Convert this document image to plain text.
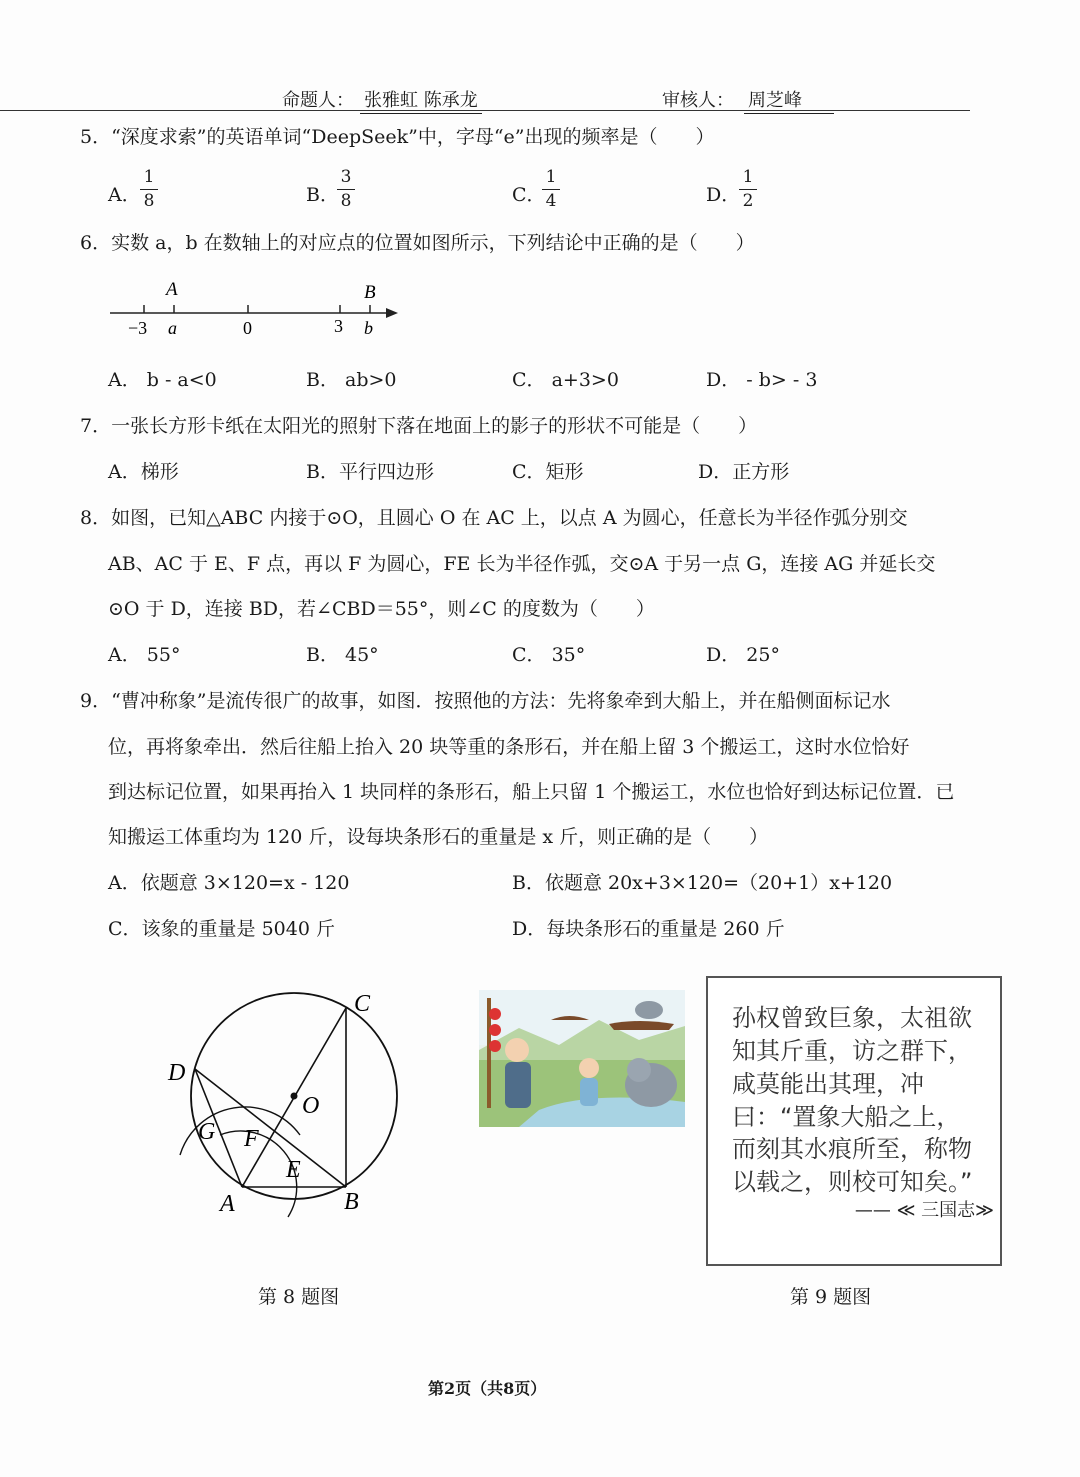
命题人： 张雅虹 陈承龙	审核人： 周芝峰
5．“深度求索”的英语单词“DeepSeek”中，字母“e”出现的频率是（　　）
A．
1
8	B．
3
8	C．
1
4	D．
1
2
6．实数 a，b 在数轴上的对应点的位置如图所示，下列结论中正确的是（　　）
A	B
−3 a	0	3 b
A． b - a<0	B． ab>0	C． a+3>0	D． - b> - 3
7．一张长方形卡纸在太阳光的照射下落在地面上的影子的形状不可能是（　　）
A．梯形	B．平行四边形	C．矩形	D．正方形
8．如图，已知△ABC 内接于⊙O，且圆心 O 在 AC 上，以点 A 为圆心，任意长为半径作弧分别交
AB、AC 于 E、F 点，再以 F 为圆心，FE 长为半径作弧，交⊙A 于另一点 G，连接 AG 并延长交
⊙O 于 D，连接 BD，若∠CBD＝55°，则∠C 的度数为（　　）
A． 55°	B． 45°	C． 35°	D． 25°
9．“曹冲称象”是流传很广的故事，如图．按照他的方法：先将象牵到大船上，并在船侧面标记水
位，再将象牵出．然后往船上抬入 20 块等重的条形石，并在船上留 3 个搬运工，这时水位恰好
到达标记位置，如果再抬入 1 块同样的条形石，船上只留 1 个搬运工，水位也恰好到达标记位置．已
知搬运工体重均为 120 斤，设每块条形石的重量是 x 斤，则正确的是（　　）
A．依题意 3×120=x - 120	B．依题意 20x+3×120=（20+1）x+120
C．该象的重量是 5040 斤	D．每块条形石的重量是 260 斤
C
D
O
G F
E
A	B
第 8 题图
孙权曾致巨象，太祖欲
知其斤重，访之群下，
咸莫能出其理，冲
曰：“置象大船之上，
而刻其水痕所至，称物
以载之，则校可知矣。”
—— ≪ 三国志≫
第 9 题图
第2页（共8页）
